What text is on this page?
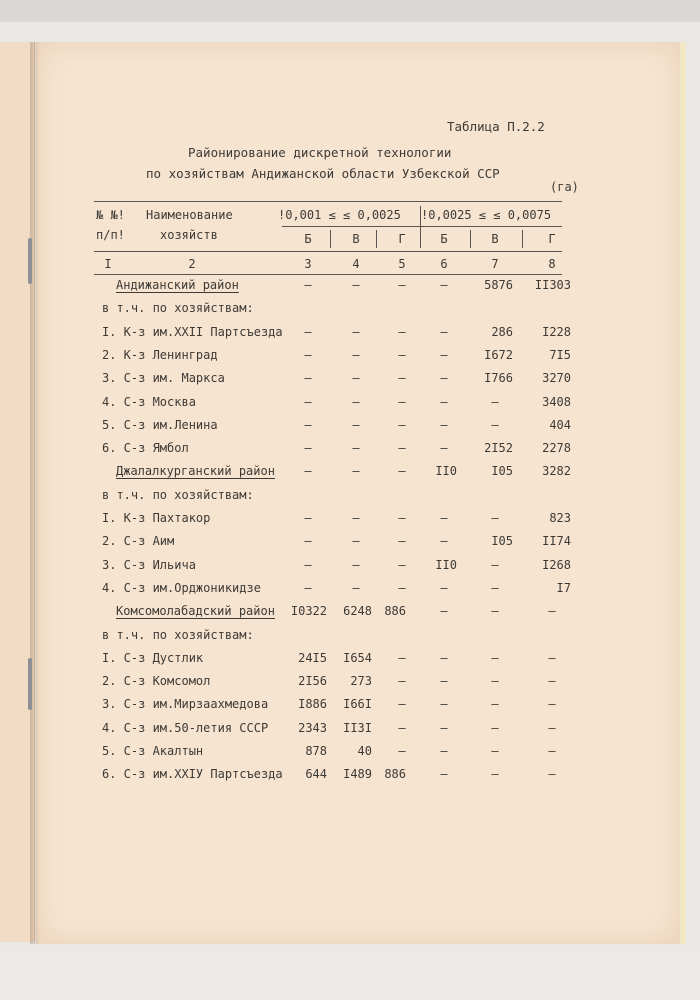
Таблица П.2.2
Районирование дискретной технологии
по хозяйствам Андижанской области Узбекской ССР
(га)
№ №!
п/п!
Наименование
хозяйств
!0,001 ≤ ≤ 0,0025 !0,0025 ≤ ≤ 0,0075
Б	В	Г	Б	В	Г
I	2	3	4	5	6	7	8
Андижанский район	–	–	–	–	5876	II303
в т.ч. по хозяйствам:
I. К-з им.XXII Партсъезда	–	–	–	–	286	I228
2. К-з Ленинград	–	–	–	–	I672	7I5
3. С-з им. Маркса	–	–	–	–	I766	3270
4. С-з Москва	–	–	–	–	–	3408
5. С-з им.Ленина	–	–	–	–	–	404
6. С-з Ямбол	–	–	–	–	2I52	2278
Джалалкурганский район	–	–	–	II0	I05	3282
в т.ч. по хозяйствам:
I. К-з Пахтакор	–	–	–	–	–	823
2. С-з Аим	–	–	–	–	I05	II74
3. С-з Ильича	–	–	–	II0	–	I268
4. С-з им.Орджоникидзе	–	–	–	–	–	I7
Комсомолабадский район	I0322	6248	886	–	–	–
в т.ч. по хозяйствам:
I. С-з Дустлик	24I5	I654	–	–	–	–
2. С-з Комсомол	2I56	273	–	–	–	–
3. С-з им.Мирзаахмедова	I886	I66I	–	–	–	–
4. С-з им.50-летия СССР	2343	II3I	–	–	–	–
5. С-з Акалтын	878	40	–	–	–	–
6. С-з им.XXIУ Партсъезда	644	I489	886	–	–	–
